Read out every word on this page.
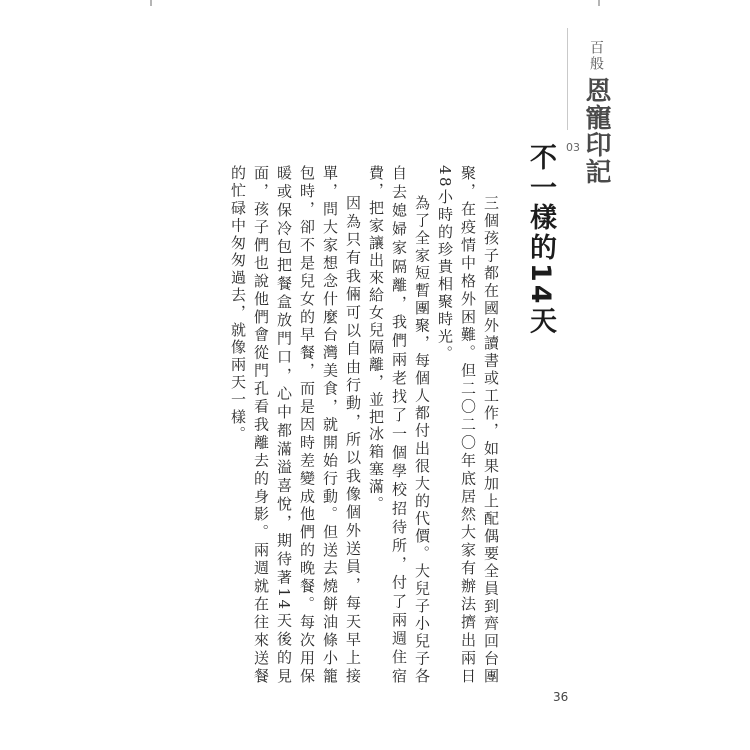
百般 恩寵印記
03
不一樣的14天

三個孩子都在國外讀書或工作，如果加上配偶要全員到齊回台團聚，在疫情中格外困難。但二〇二〇年底居然大家有辦法擠出兩日48小時的珍貴相聚時光。

為了全家短暫團聚，每個人都付出很大的代價。大兒子小兒子各自去媳婦家隔離，我們兩老找了一個學校招待所，付了兩週住宿費，把家讓出來給女兒隔離，並把冰箱塞滿。

因為只有我倆可以自由行動，所以我像個外送員，每天早上接單，問大家想念什麼台灣美食，就開始行動。但送去燒餅油條小籠包時，卻不是兒女的早餐，而是因時差變成他們的晚餐。每次用保暖或保冷包把餐盒放門口，心中都滿溢喜悅，期待著14天後的見面，孩子們也說他們會從門孔看我離去的身影。兩週就在往來送餐的忙碌中匆匆過去，就像兩天一樣。

36
